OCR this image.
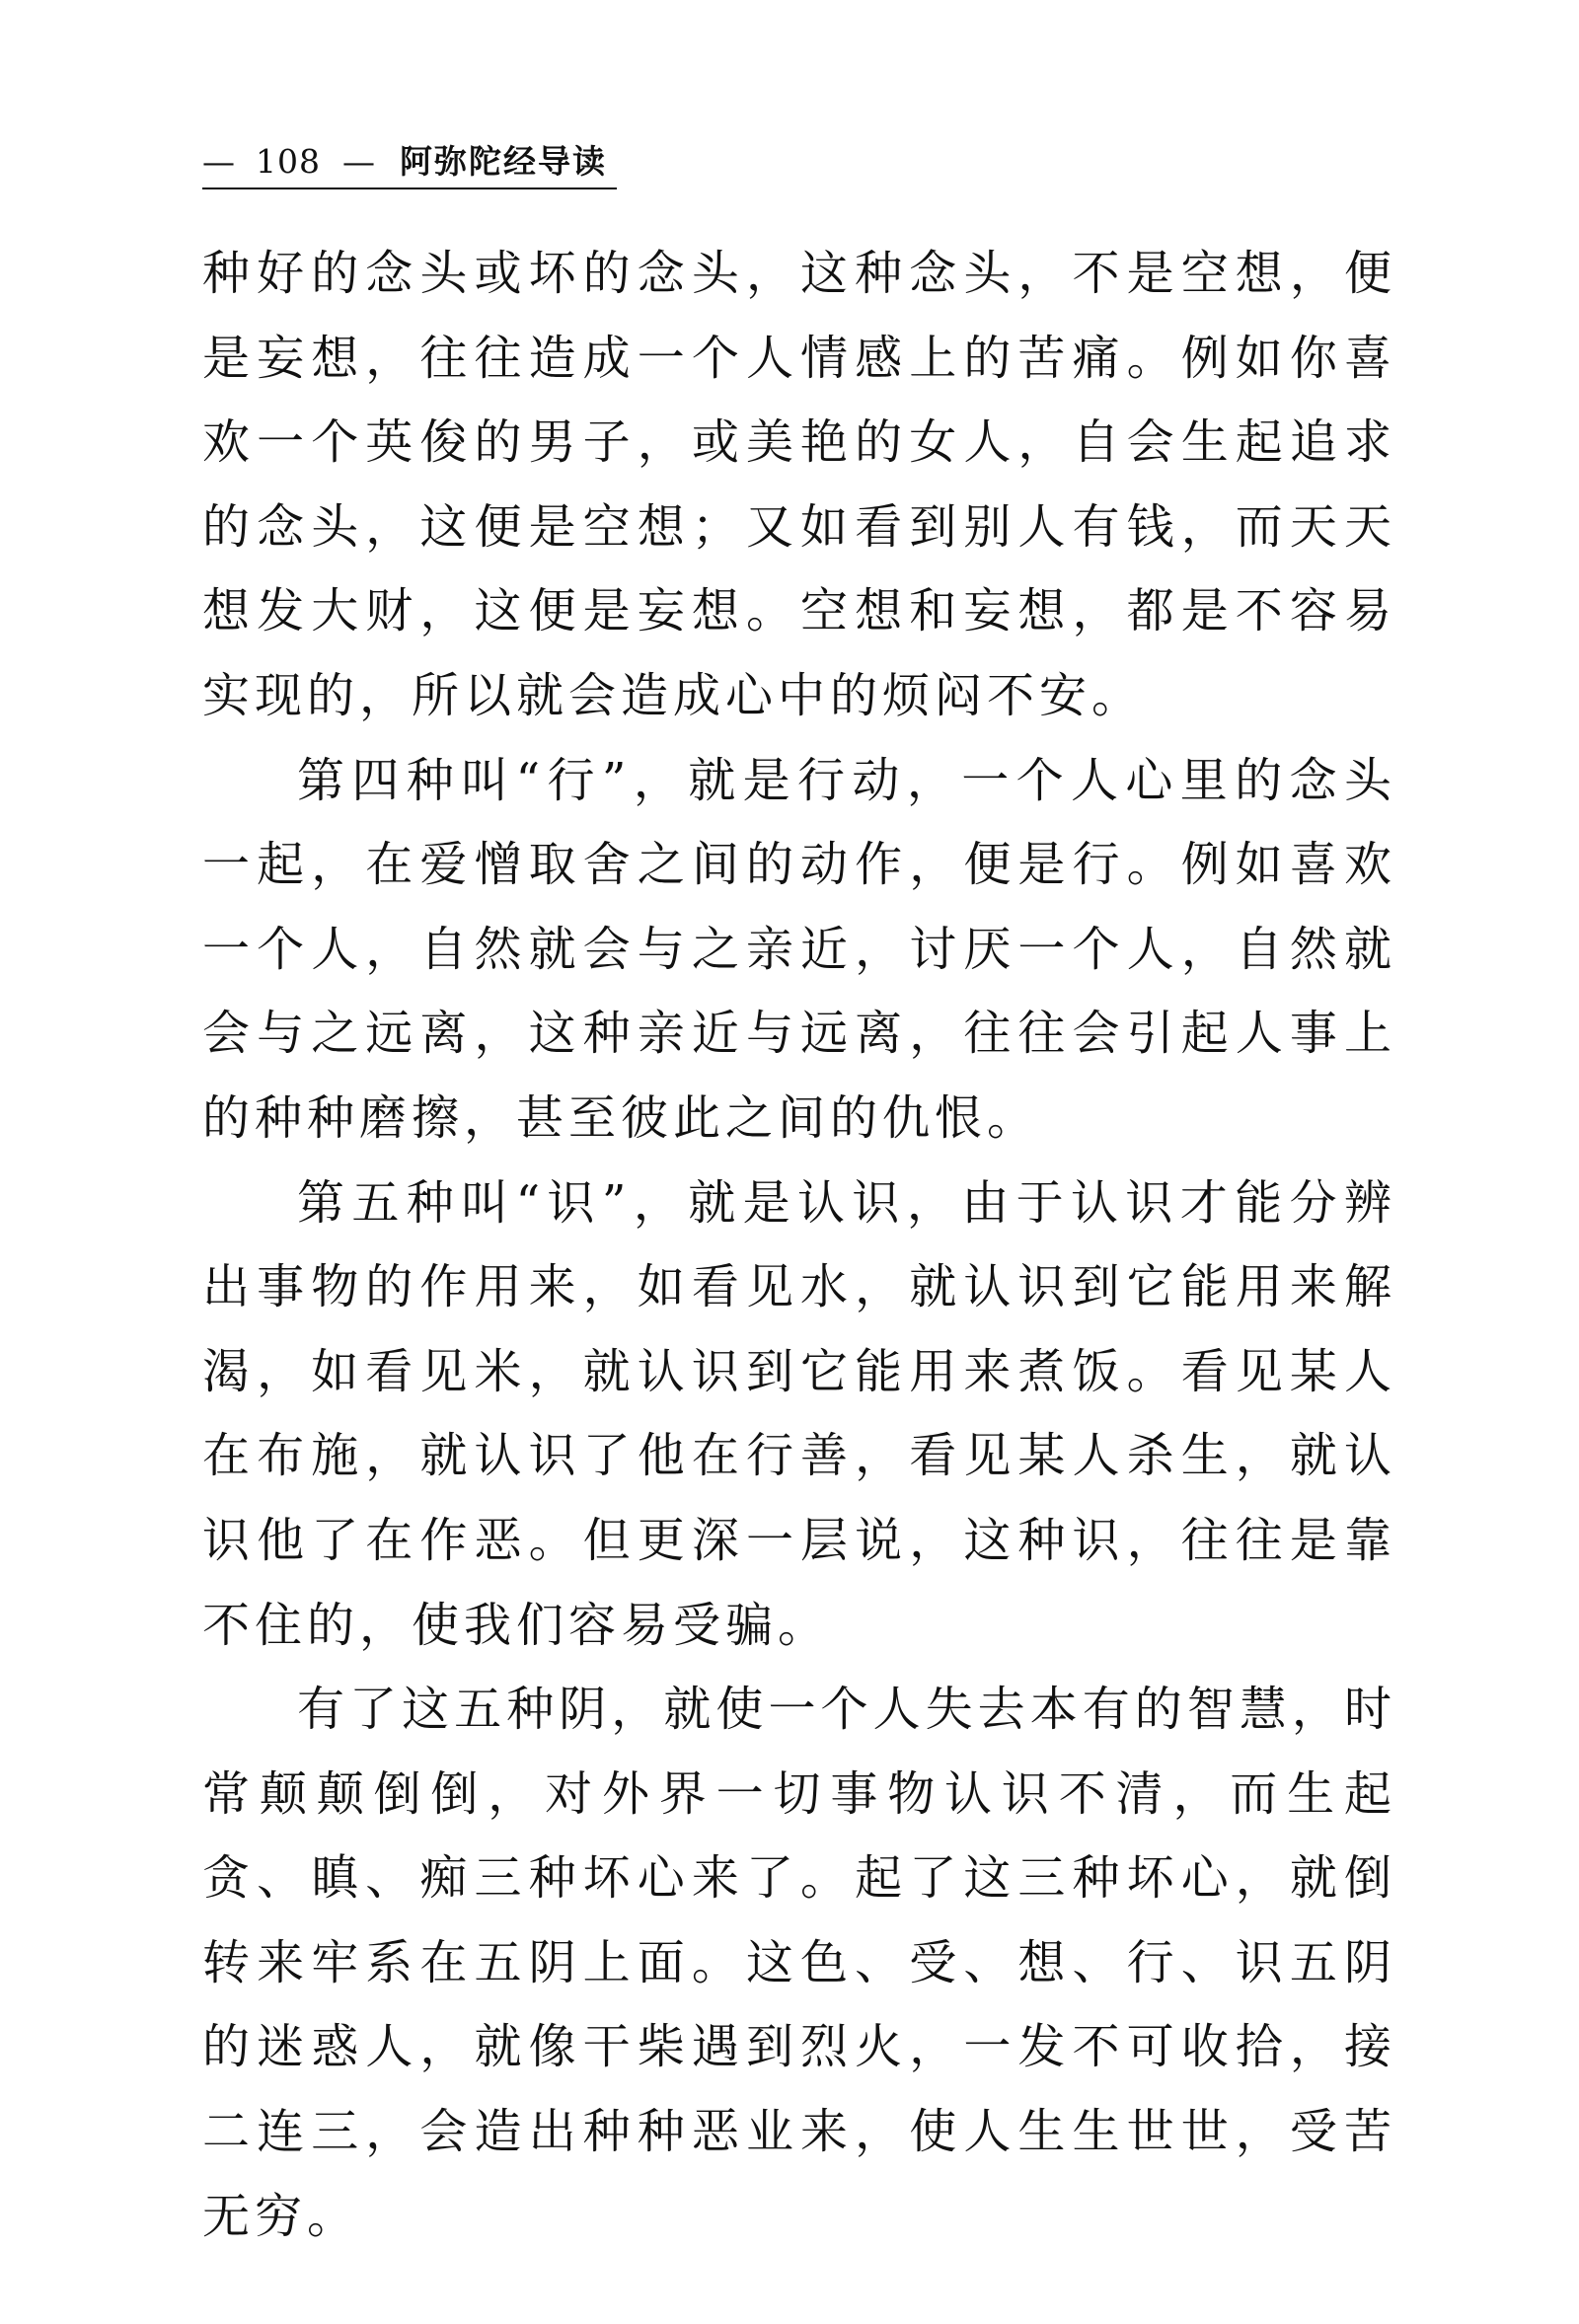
— 108 — 阿弥陀经导读

种好的念头或坏的念头，这种念头，不是空想，便是妄想，往往造成一个人情感上的苦痛。例如你喜欢一个英俊的男子，或美艳的女人，自会生起追求的念头，这便是空想；又如看到别人有钱，而天天想发大财，这便是妄想。空想和妄想，都是不容易实现的，所以就会造成心中的烦闷不安。

第四种叫“行”，就是行动，一个人心里的念头一起，在爱憎取舍之间的动作，便是行。例如喜欢一个人，自然就会与之亲近，讨厌一个人，自然就会与之远离，这种亲近与远离，往往会引起人事上的种种磨擦，甚至彼此之间的仇恨。

第五种叫“识”，就是认识，由于认识才能分辨出事物的作用来，如看见水，就认识到它能用来解渴，如看见米，就认识到它能用来煮饭。看见某人在布施，就认识了他在行善，看见某人杀生，就认识他了在作恶。但更深一层说，这种识，往往是靠不住的，使我们容易受骗。

有了这五种阴，就使一个人失去本有的智慧，时常颠颠倒倒，对外界一切事物认识不清，而生起贪、瞋、痴三种坏心来了。起了这三种坏心，就倒转来牢系在五阴上面。这色、受、想、行、识五阴的迷惑人，就像干柴遇到烈火，一发不可收拾，接二连三，会造出种种恶业来，使人生生世世，受苦无穷。
